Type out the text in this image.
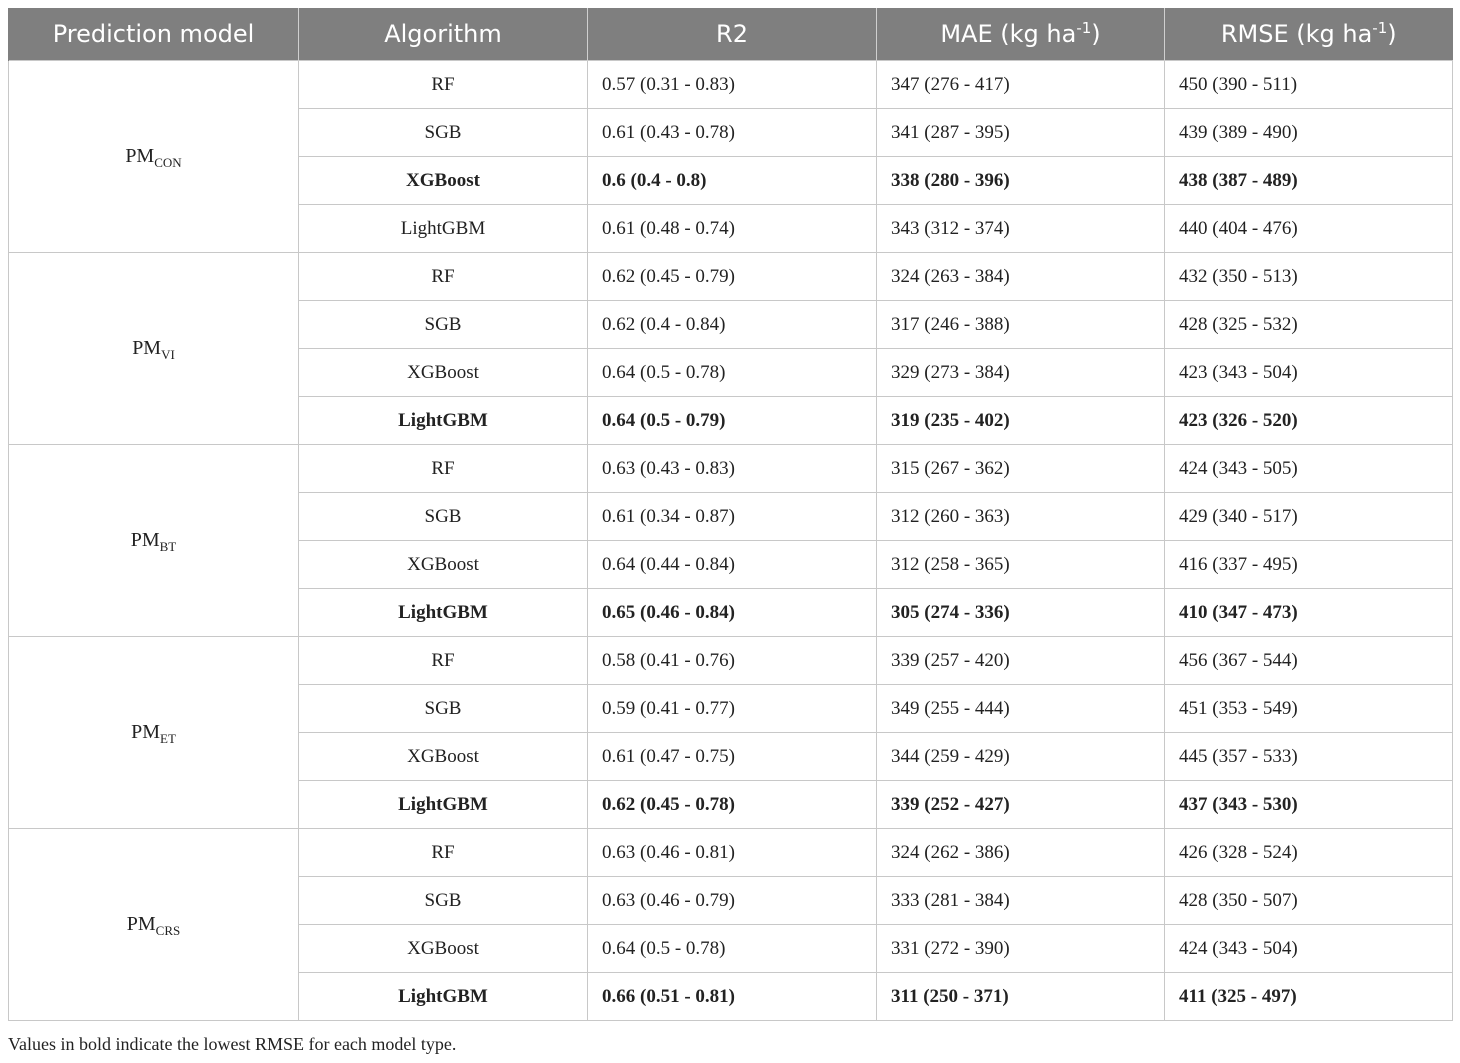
Prediction model	Algorithm	R2	MAE (kg $ha^{-1}$)	RMSE (kg $ha^{-1}$)
$PM_{CON}$	RF	0.57 (0.31 - 0.83)	347 (276 - 417)	450 (390 - 511)
	SGB	0.61 (0.43 - 0.78)	341 (287 - 395)	439 (389 - 490)
	XGBoost	0.6 (0.4 - 0.8)	338 (280 - 396)	438 (387 - 489)
	LightGBM	0.61 (0.48 - 0.74)	343 (312 - 374)	440 (404 - 476)
$PM_{VI}$	RF	0.62 (0.45 - 0.79)	324 (263 - 384)	432 (350 - 513)
	SGB	0.62 (0.4 - 0.84)	317 (246 - 388)	428 (325 - 532)
	XGBoost	0.64 (0.5 - 0.78)	329 (273 - 384)	423 (343 - 504)
	LightGBM	0.64 (0.5 - 0.79)	319 (235 - 402)	423 (326 - 520)
$PM_{BT}$	RF	0.63 (0.43 - 0.83)	315 (267 - 362)	424 (343 - 505)
	SGB	0.61 (0.34 - 0.87)	312 (260 - 363)	429 (340 - 517)
	XGBoost	0.64 (0.44 - 0.84)	312 (258 - 365)	416 (337 - 495)
	LightGBM	0.65 (0.46 - 0.84)	305 (274 - 336)	410 (347 - 473)
$PM_{ET}$	RF	0.58 (0.41 - 0.76)	339 (257 - 420)	456 (367 - 544)
	SGB	0.59 (0.41 - 0.77)	349 (255 - 444)	451 (353 - 549)
	XGBoost	0.61 (0.47 - 0.75)	344 (259 - 429)	445 (357 - 533)
	LightGBM	0.62 (0.45 - 0.78)	339 (252 - 427)	437 (343 - 530)
$PM_{CRS}$	RF	0.63 (0.46 - 0.81)	324 (262 - 386)	426 (328 - 524)
	SGB	0.63 (0.46 - 0.79)	333 (281 - 384)	428 (350 - 507)
	XGBoost	0.64 (0.5 - 0.78)	331 (272 - 390)	424 (343 - 504)
	LightGBM	0.66 (0.51 - 0.81)	311 (250 - 371)	411 (325 - 497)
Values in bold indicate the lowest RMSE for each model type.
